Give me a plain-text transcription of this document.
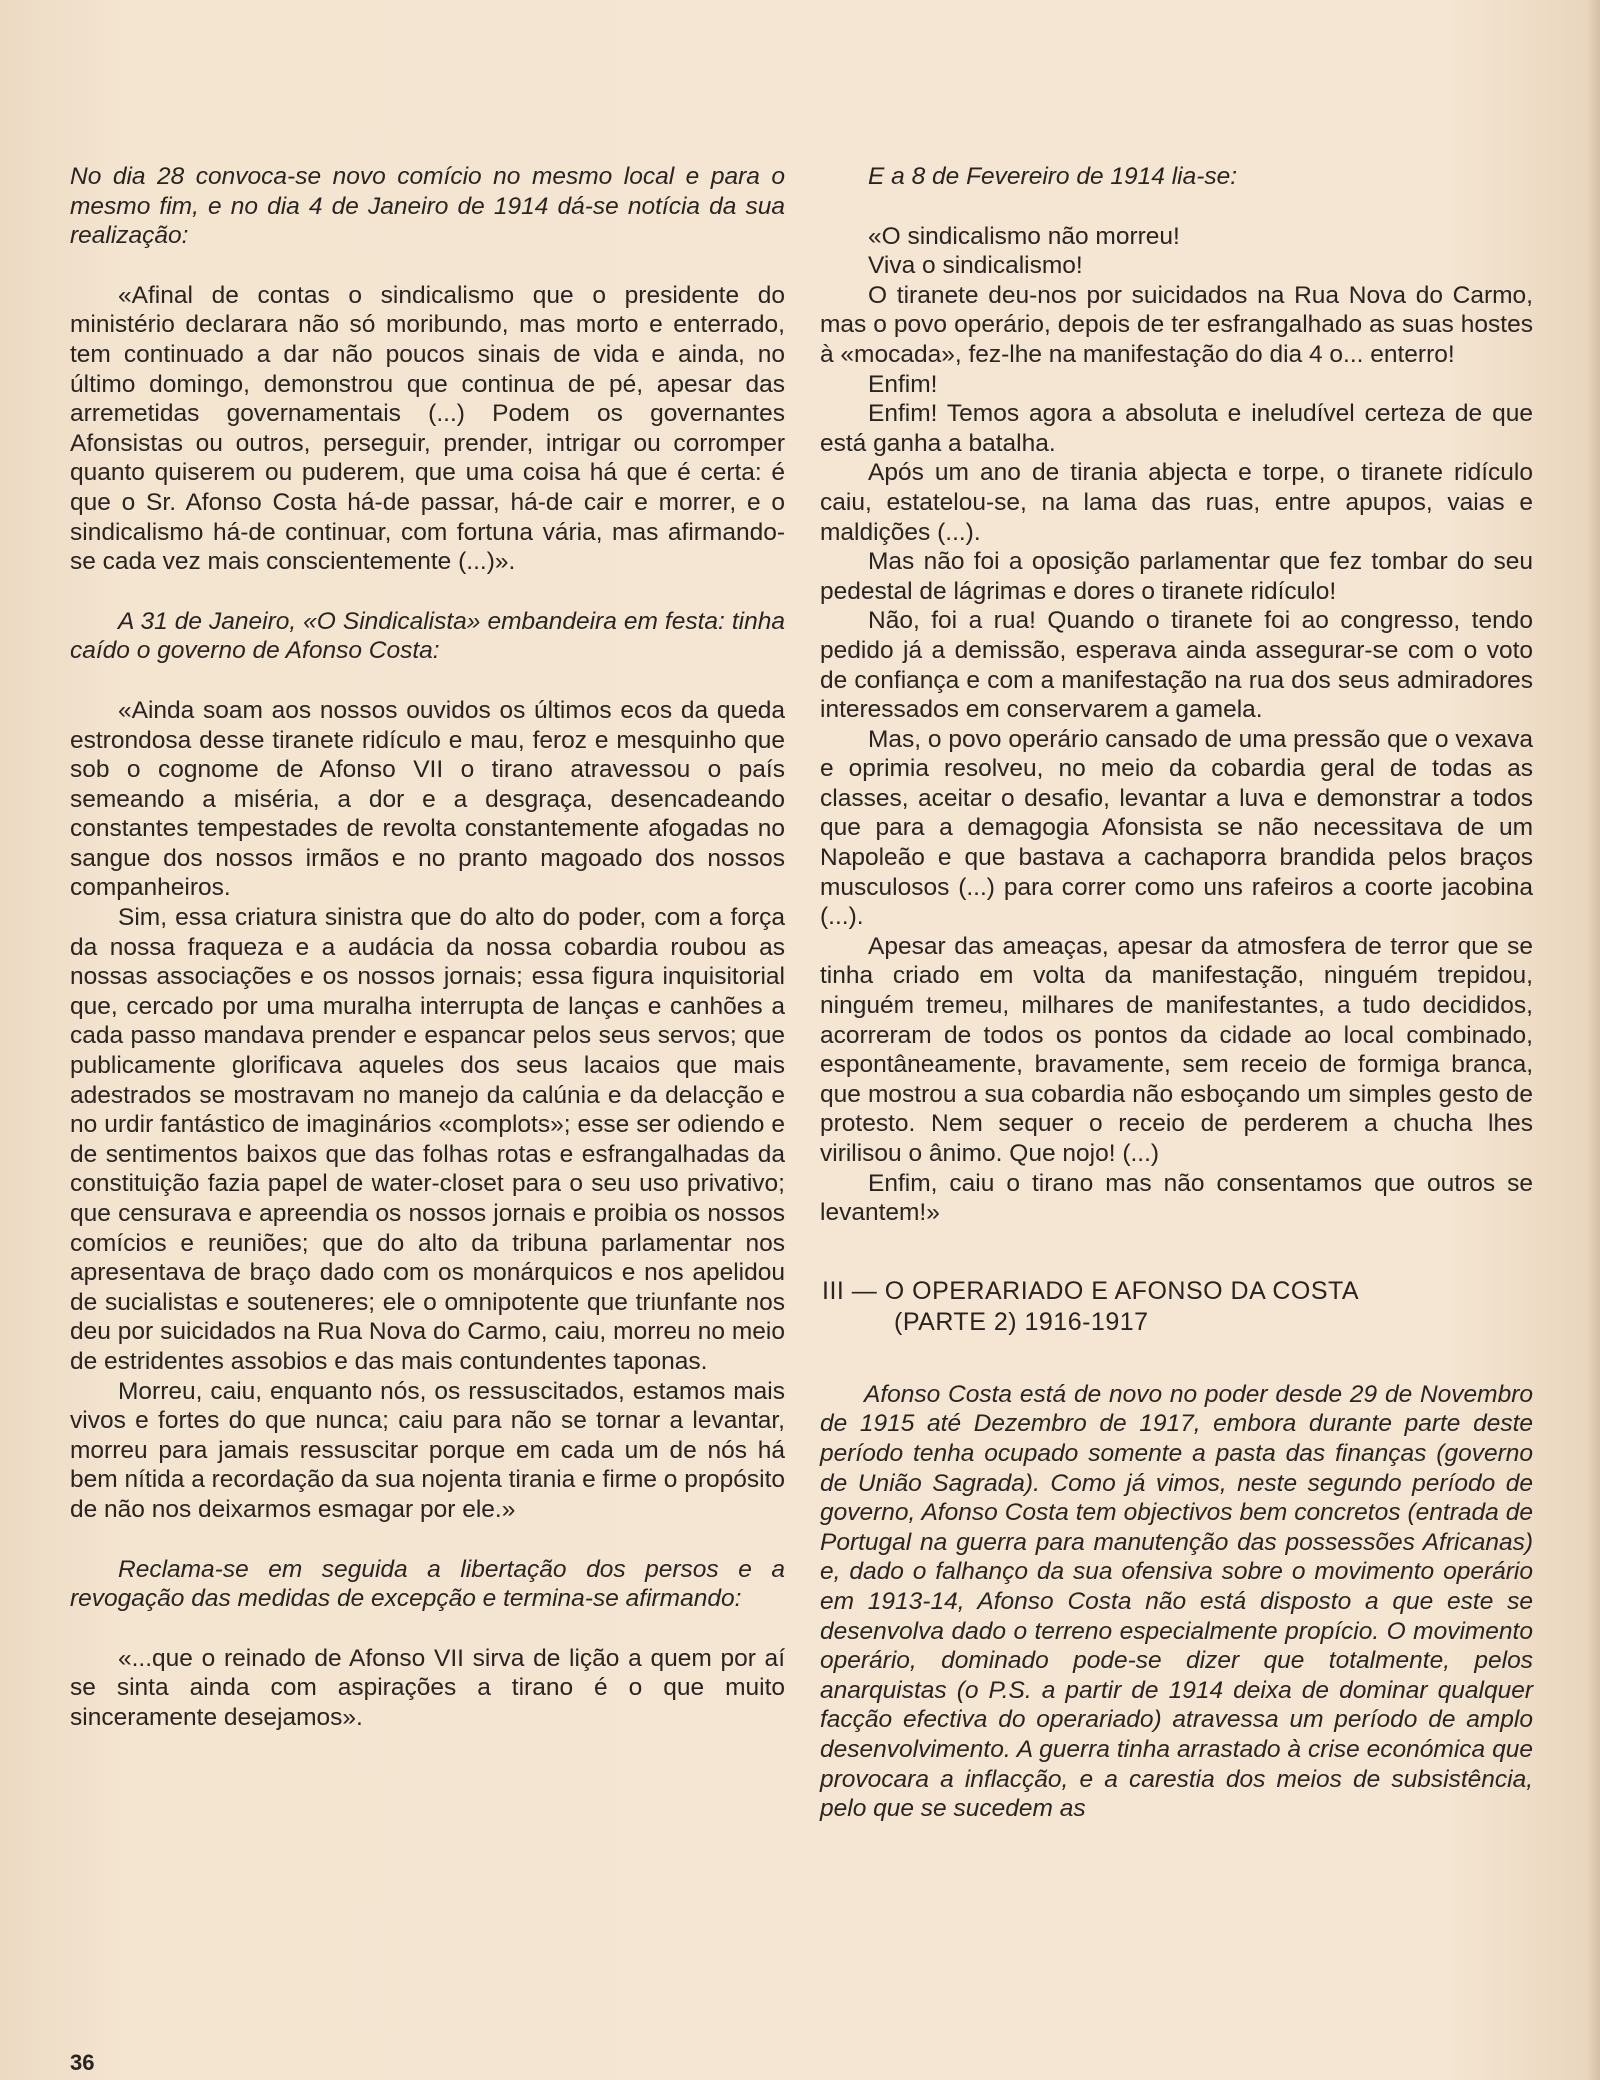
No dia 28 convoca-se novo comício no mesmo local e para o mesmo fim, e no dia 4 de Janeiro de 1914 dá-se notícia da sua realização:

«Afinal de contas o sindicalismo que o presidente do ministério declarara não só moribundo, mas morto e enterrado, tem continuado a dar não poucos sinais de vida e ainda, no último domingo, demonstrou que continua de pé, apesar das arremetidas governamentais (...) Podem os governantes Afonsistas ou outros, perseguir, prender, intrigar ou corromper quanto quiserem ou puderem, que uma coisa há que é certa: é que o Sr. Afonso Costa há-de passar, há-de cair e morrer, e o sindicalismo há-de continuar, com fortuna vária, mas afirmando-se cada vez mais conscientemente (...)».

A 31 de Janeiro, «O Sindicalista» embandeira em festa: tinha caído o governo de Afonso Costa:

«Ainda soam aos nossos ouvidos os últimos ecos da queda estrondosa desse tiranete ridículo e mau, feroz e mesquinho que sob o cognome de Afonso VII o tirano atravessou o país semeando a miséria, a dor e a desgraça, desencadeando constantes tempestades de revolta constantemente afogadas no sangue dos nossos irmãos e no pranto magoado dos nossos companheiros.

Sim, essa criatura sinistra que do alto do poder, com a força da nossa fraqueza e a audácia da nossa cobardia roubou as nossas associações e os nossos jornais; essa figura inquisitorial que, cercado por uma muralha interrupta de lanças e canhões a cada passo mandava prender e espancar pelos seus servos; que publicamente glorificava aqueles dos seus lacaios que mais adestrados se mostravam no manejo da calúnia e da delacção e no urdir fantástico de imaginários «complots»; esse ser odiendo e de sentimentos baixos que das folhas rotas e esfrangalhadas da constituição fazia papel de water-closet para o seu uso privativo; que censurava e apreendia os nossos jornais e proibia os nossos comícios e reuniões; que do alto da tribuna parlamentar nos apresentava de braço dado com os monárquicos e nos apelidou de sucialistas e souteneres; ele o omnipotente que triunfante nos deu por suicidados na Rua Nova do Carmo, caiu, morreu no meio de estridentes assobios e das mais contundentes taponas.

Morreu, caiu, enquanto nós, os ressuscitados, estamos mais vivos e fortes do que nunca; caiu para não se tornar a levantar, morreu para jamais ressuscitar porque em cada um de nós há bem nítida a recordação da sua nojenta tirania e firme o propósito de não nos deixarmos esmagar por ele.»

Reclama-se em seguida a libertação dos persos e a revogação das medidas de excepção e termina-se afirmando:

«...que o reinado de Afonso VII sirva de lição a quem por aí se sinta ainda com aspirações a tirano é o que muito sinceramente desejamos».

E a 8 de Fevereiro de 1914 lia-se:

«O sindicalismo não morreu!

Viva o sindicalismo!

O tiranete deu-nos por suicidados na Rua Nova do Carmo, mas o povo operário, depois de ter esfrangalhado as suas hostes à «mocada», fez-lhe na manifestação do dia 4 o... enterro!

Enfim!

Enfim! Temos agora a absoluta e ineludível certeza de que está ganha a batalha.

Após um ano de tirania abjecta e torpe, o tiranete ridículo caiu, estatelou-se, na lama das ruas, entre apupos, vaias e maldições (...).

Mas não foi a oposição parlamentar que fez tombar do seu pedestal de lágrimas e dores o tiranete ridículo!

Não, foi a rua! Quando o tiranete foi ao congresso, tendo pedido já a demissão, esperava ainda assegurar-se com o voto de confiança e com a manifestação na rua dos seus admiradores interessados em conservarem a gamela.

Mas, o povo operário cansado de uma pressão que o vexava e oprimia resolveu, no meio da cobardia geral de todas as classes, aceitar o desafio, levantar a luva e demonstrar a todos que para a demagogia Afonsista se não necessitava de um Napoleão e que bastava a cachaporra brandida pelos braços musculosos (...) para correr como uns rafeiros a coorte jacobina (...).

Apesar das ameaças, apesar da atmosfera de terror que se tinha criado em volta da manifestação, ninguém trepidou, ninguém tremeu, milhares de manifestantes, a tudo decididos, acorreram de todos os pontos da cidade ao local combinado, espontâneamente, bravamente, sem receio de formiga branca, que mostrou a sua cobardia não esboçando um simples gesto de protesto. Nem sequer o receio de perderem a chucha lhes virilisou o ânimo. Que nojo! (...)

Enfim, caiu o tirano mas não consentamos que outros se levantem!»

III — O OPERARIADO E AFONSO DA COSTA

(PARTE 2) 1916-1917

Afonso Costa está de novo no poder desde 29 de Novembro de 1915 até Dezembro de 1917, embora durante parte deste período tenha ocupado somente a pasta das finanças (governo de União Sagrada). Como já vimos, neste segundo período de governo, Afonso Costa tem objectivos bem concretos (entrada de Portugal na guerra para manutenção das possessões Africanas) e, dado o falhanço da sua ofensiva sobre o movimento operário em 1913-14, Afonso Costa não está disposto a que este se desenvolva dado o terreno especialmente propício. O movimento operário, dominado pode-se dizer que totalmente, pelos anarquistas (o P.S. a partir de 1914 deixa de dominar qualquer facção efectiva do operariado) atravessa um período de amplo desenvolvimento. A guerra tinha arrastado à crise económica que provocara a inflacção, e a carestia dos meios de subsistência, pelo que se sucedem as

36
